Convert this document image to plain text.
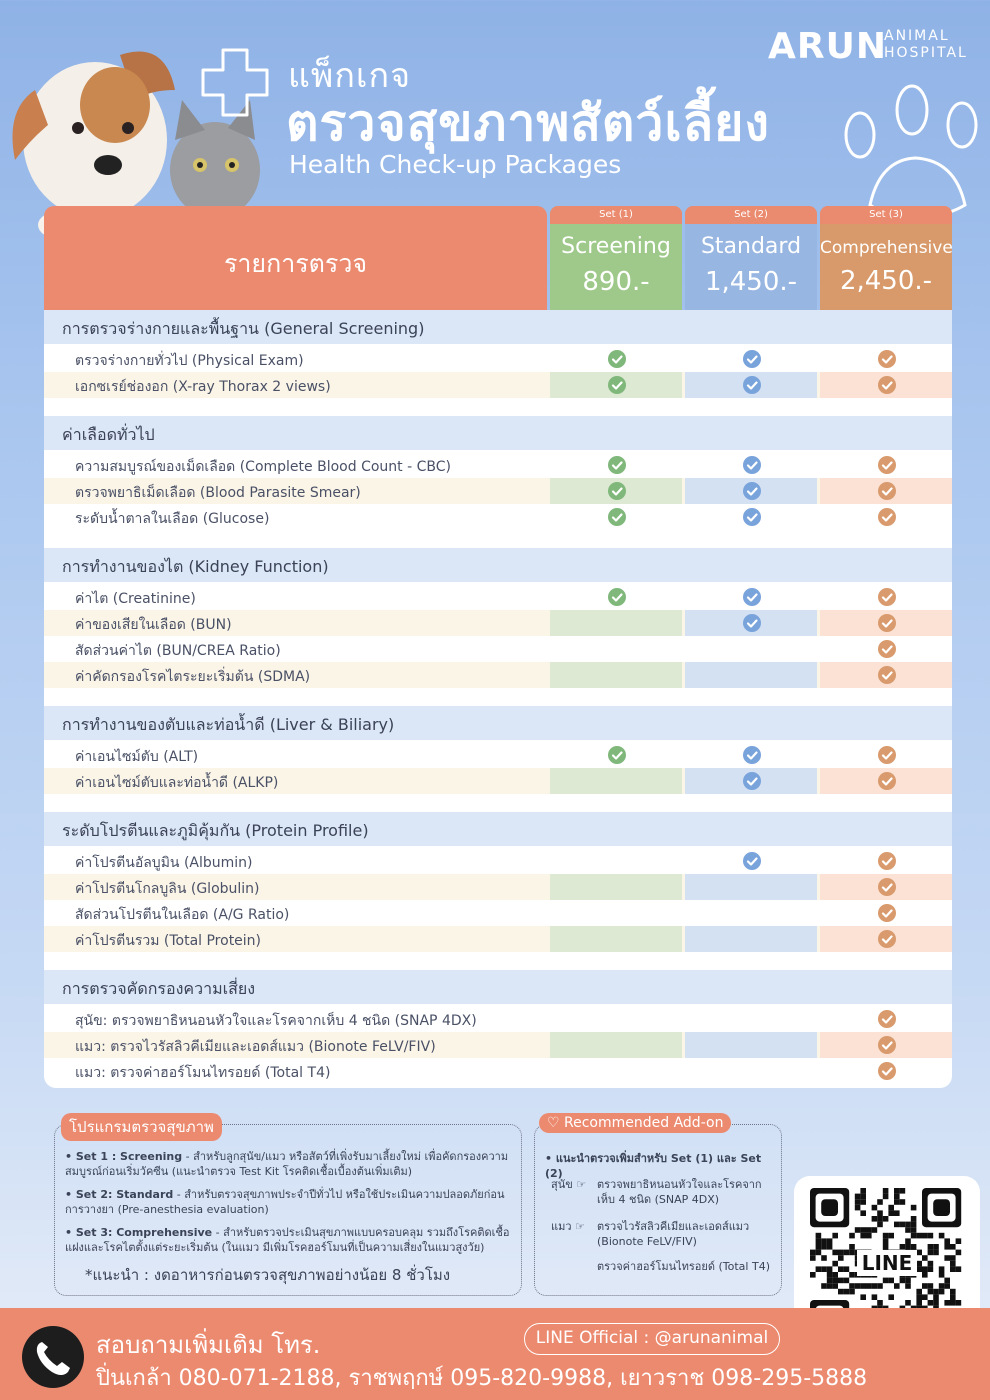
แพ็กเกจ
ตรวจสุขภาพสัตว์เลี้ยง
Health Check-up Packages
ARUN
ANIMAL HOSPITAL
รายการตรวจ
Set (1)
Screening
890.-
Set (2)
Standard
1,450.-
Set (3)
Comprehensive
2,450.-
การตรวจร่างกายและพื้นฐาน (General Screening)
ตรวจร่างกายทั่วไป (Physical Exam)
เอกซเรย์ช่องอก (X-ray Thorax 2 views)
ค่าเลือดทั่วไป
ความสมบูรณ์ของเม็ดเลือด (Complete Blood Count - CBC)
ตรวจพยาธิเม็ดเลือด (Blood Parasite Smear)
ระดับน้ำตาลในเลือด (Glucose)
การทำงานของไต (Kidney Function)
ค่าไต (Creatinine)
ค่าของเสียในเลือด (BUN)
สัดส่วนค่าไต (BUN/CREA Ratio)
ค่าคัดกรองโรคไตระยะเริ่มต้น (SDMA)
การทำงานของตับและท่อน้ำดี (Liver & Biliary)
ค่าเอนไซม์ตับ (ALT)
ค่าเอนไซม์ตับและท่อน้ำดี (ALKP)
ระดับโปรตีนและภูมิคุ้มกัน (Protein Profile)
ค่าโปรตีนอัลบูมิน (Albumin)
ค่าโปรตีนโกลบูลิน (Globulin)
สัดส่วนโปรตีนในเลือด (A/G Ratio)
ค่าโปรตีนรวม (Total Protein)
การตรวจคัดกรองความเสี่ยง
สุนัข: ตรวจพยาธิหนอนหัวใจและโรคจากเห็บ 4 ชนิด (SNAP 4DX)
แมว: ตรวจไวรัสลิวคีเมียและเอดส์แมว (Bionote FeLV/FIV)
แมว: ตรวจค่าฮอร์โมนไทรอยด์ (Total T4)
โปรแกรมตรวจสุขภาพ

• Set 1 : Screening - สำหรับลูกสุนัข/แมว หรือสัตว์ที่เพิ่งรับมาเลี้ยงใหม่ เพื่อคัดกรองความสมบูรณ์ก่อนเริ่มวัคซีน (แนะนำตรวจ Test Kit โรคติดเชื้อเบื้องต้นเพิ่มเติม)

• Set 2: Standard - สำหรับตรวจสุขภาพประจำปีทั่วไป หรือใช้ประเมินความปลอดภัยก่อนการวางยา (Pre-anesthesia evaluation)

• Set 3: Comprehensive - สำหรับตรวจประเมินสุขภาพแบบครอบคลุม รวมถึงโรคติดเชื้อแฝงและโรคไตตั้งแต่ระยะเริ่มต้น (ในแมว มีเพิ่มโรคฮอร์โมนที่เป็นความเสี่ยงในแมวสูงวัย)

*แนะนำ : งดอาหารก่อนตรวจสุขภาพอย่างน้อย 8 ชั่วโมง

♡ Recommended Add-on

• แนะนำตรวจเพิ่มสำหรับ Set (1) และ Set (2)

สุนัข ☞ ตรวจพยาธิหนอนหัวใจและโรคจากเห็บ 4 ชนิด (SNAP 4DX)

แมว ☞ ตรวจไวรัสลิวคีเมียและเอดส์แมว (Bionote FeLV/FIV)

ตรวจค่าฮอร์โมนไทรอยด์ (Total T4)	LINE
สอบถามเพิ่มเติม โทร.
ปิ่นเกล้า 080-071-2188, ราชพฤกษ์ 095-820-9988, เยาวราช 098-295-5888
LINE Official : @arunanimal
